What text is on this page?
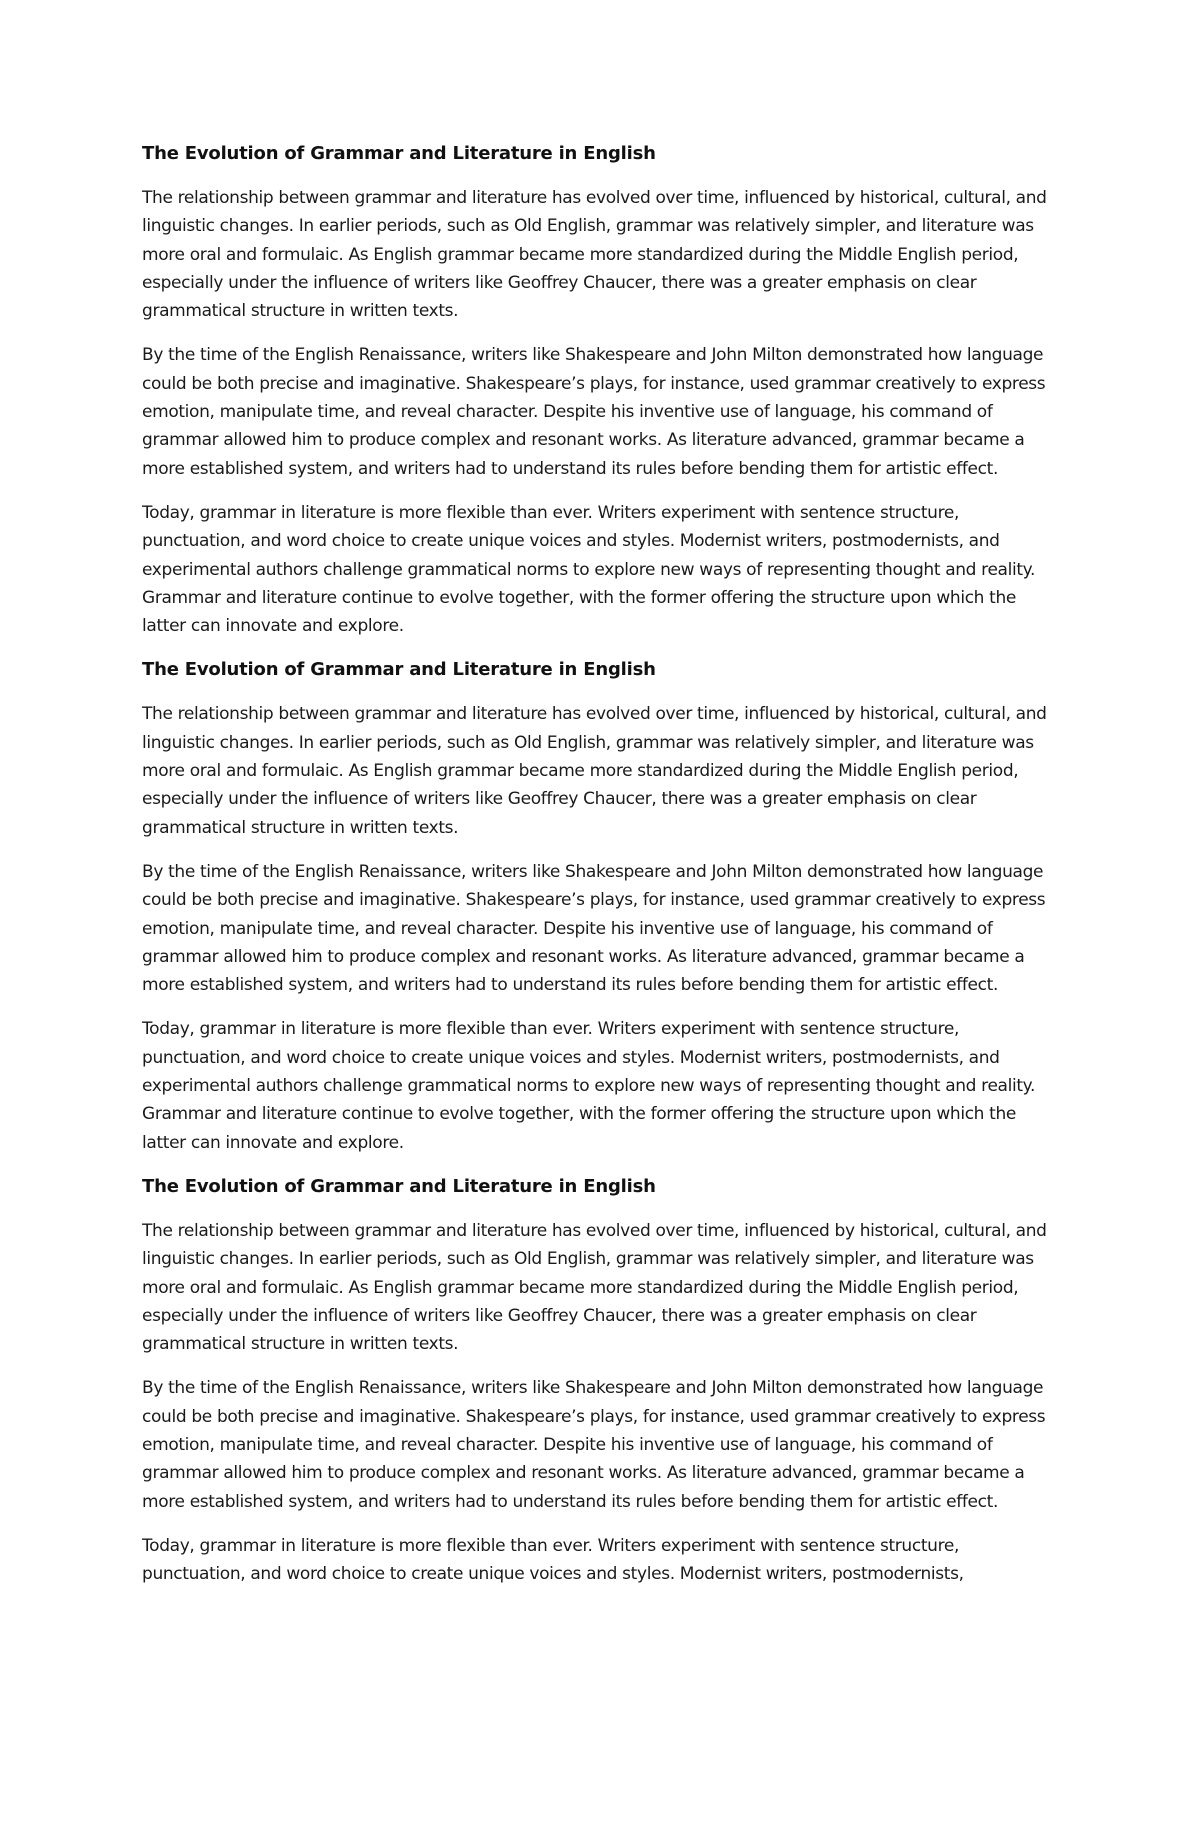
The Evolution of Grammar and Literature in English

The relationship between grammar and literature has evolved over time, influenced by historical, cultural, and linguistic changes. In earlier periods, such as Old English, grammar was relatively simpler, and literature was more oral and formulaic. As English grammar became more standardized during the Middle English period, especially under the influence of writers like Geoffrey Chaucer, there was a greater emphasis on clear grammatical structure in written texts.

By the time of the English Renaissance, writers like Shakespeare and John Milton demonstrated how language could be both precise and imaginative. Shakespeare’s plays, for instance, used grammar creatively to express emotion, manipulate time, and reveal character. Despite his inventive use of language, his command of grammar allowed him to produce complex and resonant works. As literature advanced, grammar became a more established system, and writers had to understand its rules before bending them for artistic effect.

Today, grammar in literature is more flexible than ever. Writers experiment with sentence structure, punctuation, and word choice to create unique voices and styles. Modernist writers, postmodernists, and experimental authors challenge grammatical norms to explore new ways of representing thought and reality. Grammar and literature continue to evolve together, with the former offering the structure upon which the latter can innovate and explore.

The Evolution of Grammar and Literature in English

The relationship between grammar and literature has evolved over time, influenced by historical, cultural, and linguistic changes. In earlier periods, such as Old English, grammar was relatively simpler, and literature was more oral and formulaic. As English grammar became more standardized during the Middle English period, especially under the influence of writers like Geoffrey Chaucer, there was a greater emphasis on clear grammatical structure in written texts.

By the time of the English Renaissance, writers like Shakespeare and John Milton demonstrated how language could be both precise and imaginative. Shakespeare’s plays, for instance, used grammar creatively to express emotion, manipulate time, and reveal character. Despite his inventive use of language, his command of grammar allowed him to produce complex and resonant works. As literature advanced, grammar became a more established system, and writers had to understand its rules before bending them for artistic effect.

Today, grammar in literature is more flexible than ever. Writers experiment with sentence structure, punctuation, and word choice to create unique voices and styles. Modernist writers, postmodernists, and experimental authors challenge grammatical norms to explore new ways of representing thought and reality. Grammar and literature continue to evolve together, with the former offering the structure upon which the latter can innovate and explore.

The Evolution of Grammar and Literature in English

The relationship between grammar and literature has evolved over time, influenced by historical, cultural, and linguistic changes. In earlier periods, such as Old English, grammar was relatively simpler, and literature was more oral and formulaic. As English grammar became more standardized during the Middle English period, especially under the influence of writers like Geoffrey Chaucer, there was a greater emphasis on clear grammatical structure in written texts.

By the time of the English Renaissance, writers like Shakespeare and John Milton demonstrated how language could be both precise and imaginative. Shakespeare’s plays, for instance, used grammar creatively to express emotion, manipulate time, and reveal character. Despite his inventive use of language, his command of grammar allowed him to produce complex and resonant works. As literature advanced, grammar became a more established system, and writers had to understand its rules before bending them for artistic effect.

Today, grammar in literature is more flexible than ever. Writers experiment with sentence structure, punctuation, and word choice to create unique voices and styles. Modernist writers, postmodernists,
